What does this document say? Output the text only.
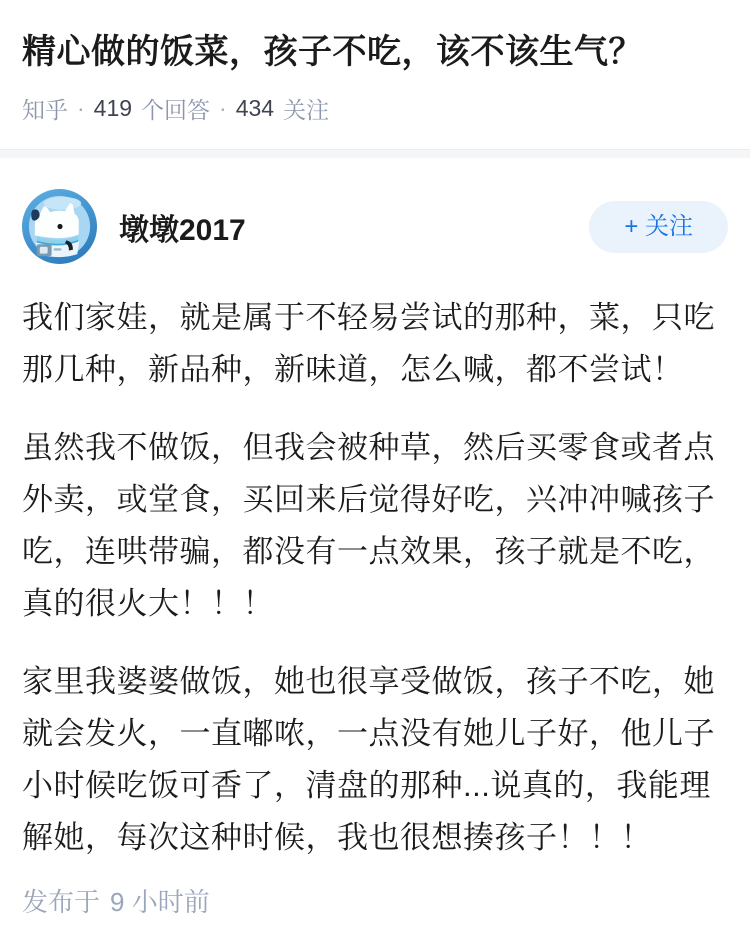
精心做的饭菜，孩子不吃，该不该生气？
知乎 · 419 个回答 · 434 关注
墩墩2017	+ 关注

我们家娃，就是属于不轻易尝试的那种，菜，只吃那几种，新品种，新味道，怎么喊，都不尝试！

虽然我不做饭，但我会被种草，然后买零食或者点外卖，或堂食，买回来后觉得好吃，兴冲冲喊孩子吃，连哄带骗，都没有一点效果，孩子就是不吃，真的很火大！！！

家里我婆婆做饭，她也很享受做饭，孩子不吃，她就会发火，一直嘟哝，一点没有她儿子好，他儿子小时候吃饭可香了，清盘的那种...说真的，我能理解她，每次这种时候，我也很想揍孩子！！！

发布于 9 小时前
